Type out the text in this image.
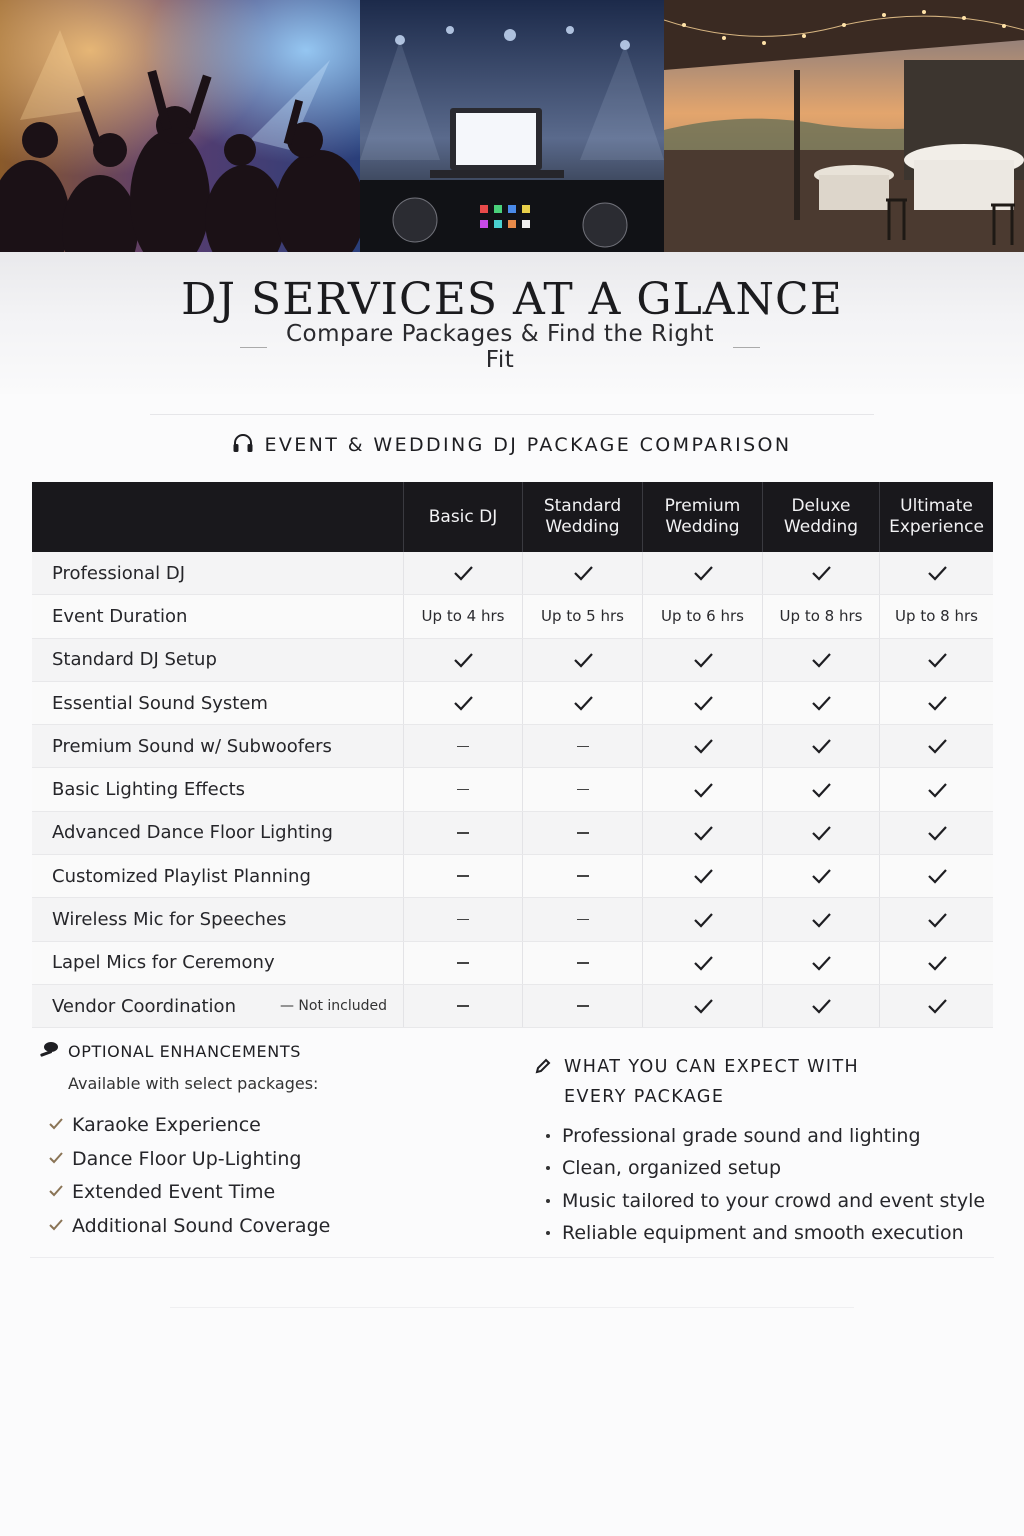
DJ SERVICES AT A GLANCE
Compare Packages & Find the Right Fit
EVENT & WEDDING DJ PACKAGE COMPARISON
Basic DJ
Standard
Wedding
Premium
Wedding
Deluxe
Wedding
Ultimate
Experience
Professional DJ
Event Duration	Up to 4 hrs Up to 5 hrs Up to 6 hrs Up to 8 hrs Up to 8 hrs
Standard DJ Setup
Essential Sound System
Premium Sound w/ Subwoofers
Basic Lighting Effects
Advanced Dance Floor Lighting
Customized Playlist Planning
Wireless Mic for Speeches
Lapel Mics for Ceremony
Vendor Coordination	— Not included
OPTIONAL ENHANCEMENTS
Available with select packages:
Karaoke Experience
Dance Floor Up-Lighting
Extended Event Time
Additional Sound Coverage
WHAT YOU CAN EXPECT WITH
EVERY PACKAGE
Professional grade sound and lighting
Clean, organized setup
Music tailored to your crowd and event style
Reliable equipment and smooth execution
